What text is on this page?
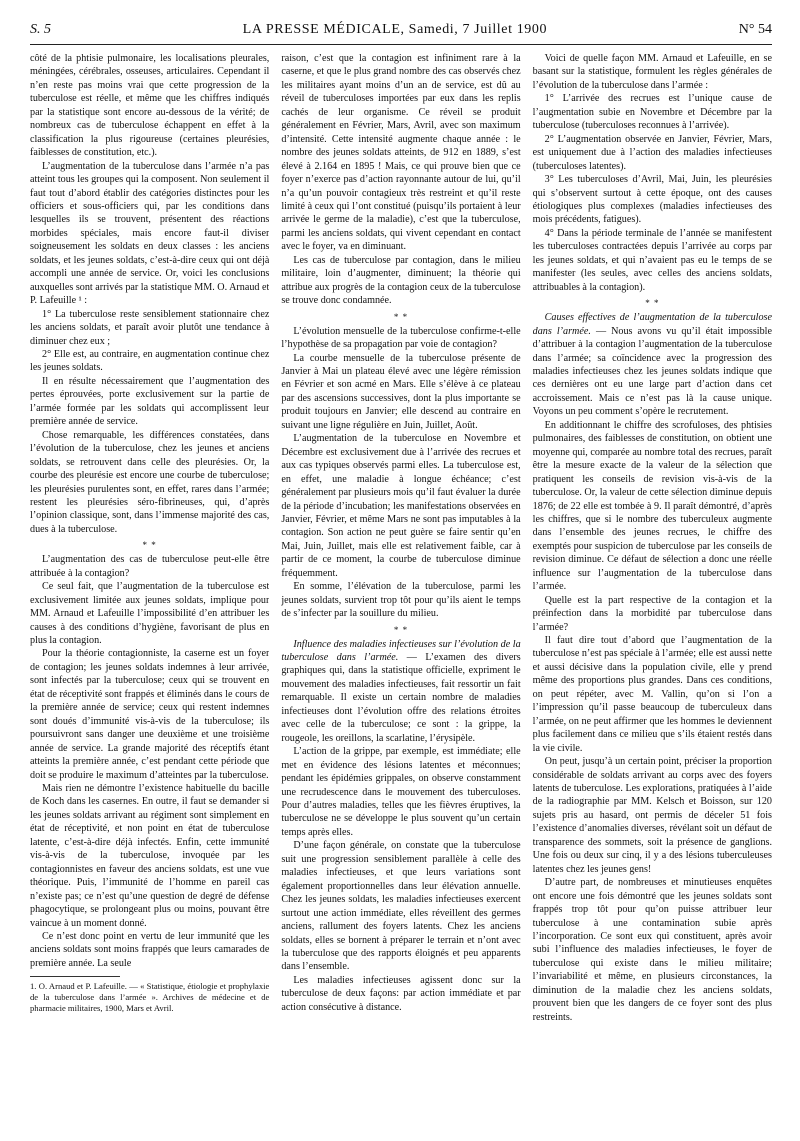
S. 5	LA PRESSE MÉDICALE, Samedi, 7 Juillet 1900	N° 54

côté de la phtisie pulmonaire, les localisations pleurales, méningées, cérébrales, osseuses, articulaires. Cependant il n’en reste pas moins vrai que cette progression de la tuberculose est réelle, et même que les chiffres indiqués par la statistique sont encore au-dessous de la vérité; de nombreux cas de tuberculose échappent en effet à la classification la plus rigoureuse (certaines pleurésies, faiblesses de constitution, etc.).

L’augmentation de la tuberculose dans l’armée n’a pas atteint tous les groupes qui la composent. Non seulement il faut tout d’abord établir des catégories distinctes pour les officiers et sous-officiers qui, par les conditions dans lesquelles ils se trouvent, présentent des réactions morbides spéciales, mais encore faut-il diviser soigneusement les soldats en deux classes : les anciens soldats, et les jeunes soldats, c’est-à-dire ceux qui ont déjà accompli une année de service. Or, voici les conclusions auxquelles sont arrivés par la statistique MM. O. Arnaud et P. Lafeuille ¹ :

1° La tuberculose reste sensiblement stationnaire chez les anciens soldats, et paraît avoir plutôt une tendance à diminuer chez eux ;

2° Elle est, au contraire, en augmentation continue chez les jeunes soldats.

Il en résulte nécessairement que l’augmentation des pertes éprouvées, porte exclusivement sur la partie de l’armée formée par les soldats qui accomplissent leur première année de service.

Chose remarquable, les différences constatées, dans l’évolution de la tuberculose, chez les jeunes et anciens soldats, se retrouvent dans celle des pleurésies. Or, la courbe des pleurésie est encore une courbe de tuberculose; les pleurésies purulentes sont, en effet, rares dans l’armée; restent les pleurésies séro-fibrineuses, qui, d’après l’opinion classique, sont, dans l’immense majorité des cas, dues à la tuberculose.

* *

L’augmentation des cas de tuberculose peut-elle être attribuée à la contagion?

Ce seul fait, que l’augmentation de la tuberculose est exclusivement limitée aux jeunes soldats, implique pour MM. Arnaud et Lafeuille l’impossibilité d’en attribuer les causes à des conditions d’hygiène, favorisant de plus en plus la contagion.

Pour la théorie contagionniste, la caserne est un foyer de contagion; les jeunes soldats indemnes à leur arrivée, sont infectés par la tuberculose; ceux qui se trouvent en état de réceptivité sont frappés et éliminés dans le cours de la première année de service; ceux qui restent indemnes sont doués d’immunité vis-à-vis de la tuberculose; ils poursuivront sans danger une deuxième et une troisième année de service. La grande majorité des réceptifs étant atteints la première année, c’est pendant cette période que doit se produire le maximum d’atteintes par la tuberculose.

Mais rien ne démontre l’existence habituelle du bacille de Koch dans les casernes. En outre, il faut se demander si les jeunes soldats arrivant au régiment sont simplement en état de réceptivité, et non point en état de tuberculose latente, c’est-à-dire déjà infectés. Enfin, cette immunité vis-à-vis de la tuberculose, invoquée par les contagionnistes en faveur des anciens soldats, est une vue théorique. Puis, l’immunité de l’homme en pareil cas n’existe pas; ce n’est qu’une question de degré de défense phagocytique, se prolongeant plus ou moins, pouvant être vaincue à un moment donné.

Ce n’est donc point en vertu de leur immunité que les anciens soldats sont moins frappés que leurs camarades de première année. La seule

1. O. Arnaud et P. Lafeuille. — « Statistique, étiologie et prophylaxie de la tuberculose dans l’armée ». Archives de médecine et de pharmacie militaires, 1900, Mars et Avril.

raison, c’est que la contagion est infiniment rare à la caserne, et que le plus grand nombre des cas observés chez les militaires ayant moins d’un an de service, est dû au réveil de tuberculoses importées par eux dans les replis cachés de leur organisme. Ce réveil se produit généralement en Février, Mars, Avril, avec son maximum d’intensité. Cette intensité augmente chaque année : le nombre des jeunes soldats atteints, de 912 en 1889, s’est élevé à 2.164 en 1895 ! Mais, ce qui prouve bien que ce foyer n’exerce pas d’action rayonnante autour de lui, qu’il n’a qu’un pouvoir contagieux très restreint et qu’il reste limité à ceux qui l’ont constitué (puisqu’ils portaient à leur arrivée le germe de la maladie), c’est que la tuberculose, parmi les anciens soldats, qui vivent cependant en contact avec le foyer, va en diminuant.

Les cas de tuberculose par contagion, dans le milieu militaire, loin d’augmenter, diminuent; la théorie qui attribue aux progrès de la contagion ceux de la tuberculose se trouve donc condamnée.

* *

L’évolution mensuelle de la tuberculose confirme-t-elle l’hypothèse de sa propagation par voie de contagion?

La courbe mensuelle de la tuberculose présente de Janvier à Mai un plateau élevé avec une légère rémission en Février et son acmé en Mars. Elle s’élève à ce plateau par des ascensions successives, dont la plus importante se produit toujours en Janvier; elle descend au contraire en suivant une ligne régulière en Juin, Juillet, Août.

L’augmentation de la tuberculose en Novembre et Décembre est exclusivement due à l’arrivée des recrues et aux cas typiques observés parmi elles. La tuberculose est, en effet, une maladie à longue échéance; c’est généralement par plusieurs mois qu’il faut évaluer la durée de la période d’incubation; les manifestations observées en Janvier, Février, et même Mars ne sont pas imputables à la contagion. Son action ne peut guère se faire sentir qu’en Mai, Juin, Juillet, mais elle est relativement faible, car à partir de ce moment, la courbe de tuberculose diminue fréquemment.

En somme, l’élévation de la tuberculose, parmi les jeunes soldats, survient trop tôt pour qu’ils aient le temps de s’infecter par la souillure du milieu.

* *

Influence des maladies infectieuses sur l’évolution de la tuberculose dans l’armée. — L’examen des divers graphiques qui, dans la statistique officielle, expriment le mouvement des maladies infectieuses, fait ressortir un fait remarquable. Il existe un certain nombre de maladies infectieuses dont l’évolution offre des relations étroites avec celle de la tuberculose; ce sont : la grippe, la rougeole, les oreillons, la scarlatine, l’érysipèle.

L’action de la grippe, par exemple, est immédiate; elle met en évidence des lésions latentes et méconnues; pendant les épidémies grippales, on observe constamment une recrudescence dans le mouvement des tuberculoses. Pour d’autres maladies, telles que les fièvres éruptives, la tuberculose ne se développe le plus souvent qu’un certain temps après elles.

D’une façon générale, on constate que la tuberculose suit une progression sensiblement parallèle à celle des maladies infectieuses, et que leurs variations sont également proportionnelles dans leur élévation annuelle. Chez les jeunes soldats, les maladies infectieuses exercent surtout une action immédiate, elles réveillent des germes anciens, rallument des foyers latents. Chez les anciens soldats, elles se bornent à préparer le terrain et n’ont avec la tuberculose que des rapports éloignés et peu apparents dans l’ensemble.

Les maladies infectieuses agissent donc sur la tuberculose de deux façons: par action immédiate et par action consécutive à distance.

Voici de quelle façon MM. Arnaud et Lafeuille, en se basant sur la statistique, formulent les règles générales de l’évolution de la tuberculose dans l’armée :

1° L’arrivée des recrues est l’unique cause de l’augmentation subie en Novembre et Décembre par la tuberculose (tuberculoses reconnues à l’arrivée).

2° L’augmentation observée en Janvier, Février, Mars, est uniquement due à l’action des maladies infectieuses (tuberculoses latentes).

3° Les tuberculoses d’Avril, Mai, Juin, les pleurésies qui s’observent surtout à cette époque, ont des causes étiologiques plus complexes (maladies infectieuses des mois précédents, fatigues).

4° Dans la période terminale de l’année se manifestent les tuberculoses contractées depuis l’arrivée au corps par les jeunes soldats, et qui n’avaient pas eu le temps de se manifester (les seules, avec celles des anciens soldats, attribuables à la contagion).

* *

Causes effectives de l’augmentation de la tuberculose dans l’armée. — Nous avons vu qu’il était impossible d’attribuer à la contagion l’augmentation de la tuberculose dans l’armée; sa coïncidence avec la progression des maladies infectieuses chez les jeunes soldats indique que ces dernières ont eu une large part d’action dans cet accroissement. Mais ce n’est pas là la cause unique. Voyons un peu comment s’opère le recrutement.

En additionnant le chiffre des scrofuloses, des phtisies pulmonaires, des faiblesses de constitution, on obtient une moyenne qui, comparée au nombre total des recrues, paraît être la mesure exacte de la valeur de la sélection que pratiquent les conseils de revision vis-à-vis de la tuberculose. Or, la valeur de cette sélection diminue depuis 1876; de 22 elle est tombée à 9. Il paraît démontré, d’après les chiffres, que si le nombre des tuberculeux augmente dans l’ensemble des jeunes recrues, le chiffre des exemptés pour suspicion de tuberculose par les conseils de revision diminue. Ce défaut de sélection a donc une réelle influence sur l’augmentation de la tuberculose dans l’armée.

Quelle est la part respective de la contagion et la préinfection dans la morbidité par tuberculose dans l’armée?

Il faut dire tout d’abord que l’augmentation de la tuberculose n’est pas spéciale à l’armée; elle est aussi nette et aussi décisive dans la population civile, elle y prend même des proportions plus grandes. Dans ces conditions, on peut répéter, avec M. Vallin, qu’on si l’on a l’impression qu’il passe beaucoup de tuberculeux dans l’armée, on ne peut affirmer que les hommes le deviennent plus facilement dans ce milieu que s’ils étaient restés dans la vie civile.

On peut, jusqu’à un certain point, préciser la proportion considérable de soldats arrivant au corps avec des foyers latents de tuberculose. Les explorations, pratiquées à l’aide de la radiographie par MM. Kelsch et Boisson, sur 120 sujets pris au hasard, ont permis de déceler 51 fois l’existence d’anomalies diverses, révélant soit un défaut de transparence des sommets, soit la présence de ganglions. Une fois ou deux sur cinq, il y a des lésions tuberculeuses latentes chez les jeunes gens!

D’autre part, de nombreuses et minutieuses enquêtes ont encore une fois démontré que les jeunes soldats sont frappés trop tôt pour qu’on puisse attribuer leur tuberculose à une contamination subie après l’incorporation. Ce sont eux qui constituent, après avoir subi l’influence des maladies infectieuses, le foyer de tuberculose qui existe dans le milieu militaire; l’invariabilité et même, en plusieurs circonstances, la diminution de la maladie chez les anciens soldats, prouvent bien que les dangers de ce foyer sont des plus restreints.
